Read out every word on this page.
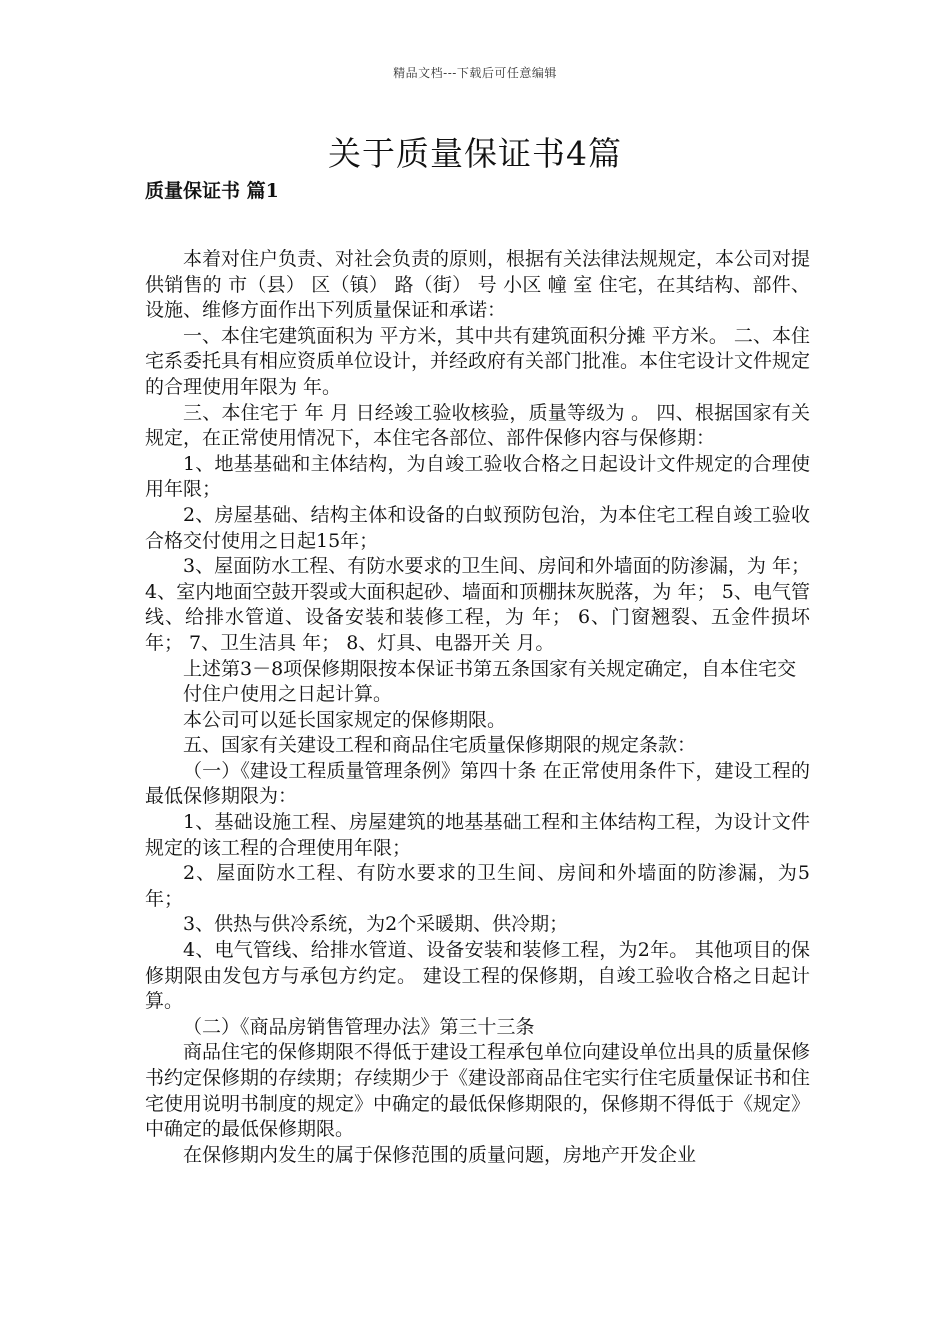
精品文档---下载后可任意编辑
关于质量保证书4篇
质量保证书 篇1

本着对住户负责、对社会负责的原则，根据有关法律法规规定，本公司对提供销售的 市（县） 区（镇） 路（街） 号 小区 幢 室 住宅，在其结构、部件、设施、维修方面作出下列质量保证和承诺：

一、本住宅建筑面积为 平方米，其中共有建筑面积分摊 平方米。 二、本住宅系委托具有相应资质单位设计，并经政府有关部门批准。本住宅设计文件规定的合理使用年限为 年。

三、本住宅于 年 月 日经竣工验收核验，质量等级为 。 四、根据国家有关规定，在正常使用情况下，本住宅各部位、部件保修内容与保修期：

1、地基基础和主体结构，为自竣工验收合格之日起设计文件规定的合理使用年限；

2、房屋基础、结构主体和设备的白蚁预防包治，为本住宅工程自竣工验收合格交付使用之日起15年；

3、屋面防水工程、有防水要求的卫生间、房间和外墙面的防渗漏，为 年； 4、室内地面空鼓开裂或大面积起砂、墙面和顶棚抹灰脱落，为 年； 5、电气管线、给排水管道、设备安装和装修工程，为 年； 6、门窗翘裂、五金件损坏 年； 7、卫生洁具 年； 8、灯具、电器开关 月。

上述第3－8项保修期限按本保证书第五条国家有关规定确定，自本住宅交

付住户使用之日起计算。

本公司可以延长国家规定的保修期限。

五、国家有关建设工程和商品住宅质量保修期限的规定条款：

（一）《建设工程质量管理条例》第四十条 在正常使用条件下，建设工程的最低保修期限为：

1、基础设施工程、房屋建筑的地基基础工程和主体结构工程，为设计文件规定的该工程的合理使用年限；

2、屋面防水工程、有防水要求的卫生间、房间和外墙面的防渗漏，为5年；

3、供热与供冷系统，为2个采暖期、供冷期；

4、电气管线、给排水管道、设备安装和装修工程，为2年。 其他项目的保修期限由发包方与承包方约定。 建设工程的保修期，自竣工验收合格之日起计算。

（二）《商品房销售管理办法》第三十三条

商品住宅的保修期限不得低于建设工程承包单位向建设单位出具的质量保修书约定保修期的存续期；存续期少于《建设部商品住宅实行住宅质量保证书和住宅使用说明书制度的规定》中确定的最低保修期限的，保修期不得低于《规定》中确定的最低保修期限。

在保修期内发生的属于保修范围的质量问题，房地产开发企业
